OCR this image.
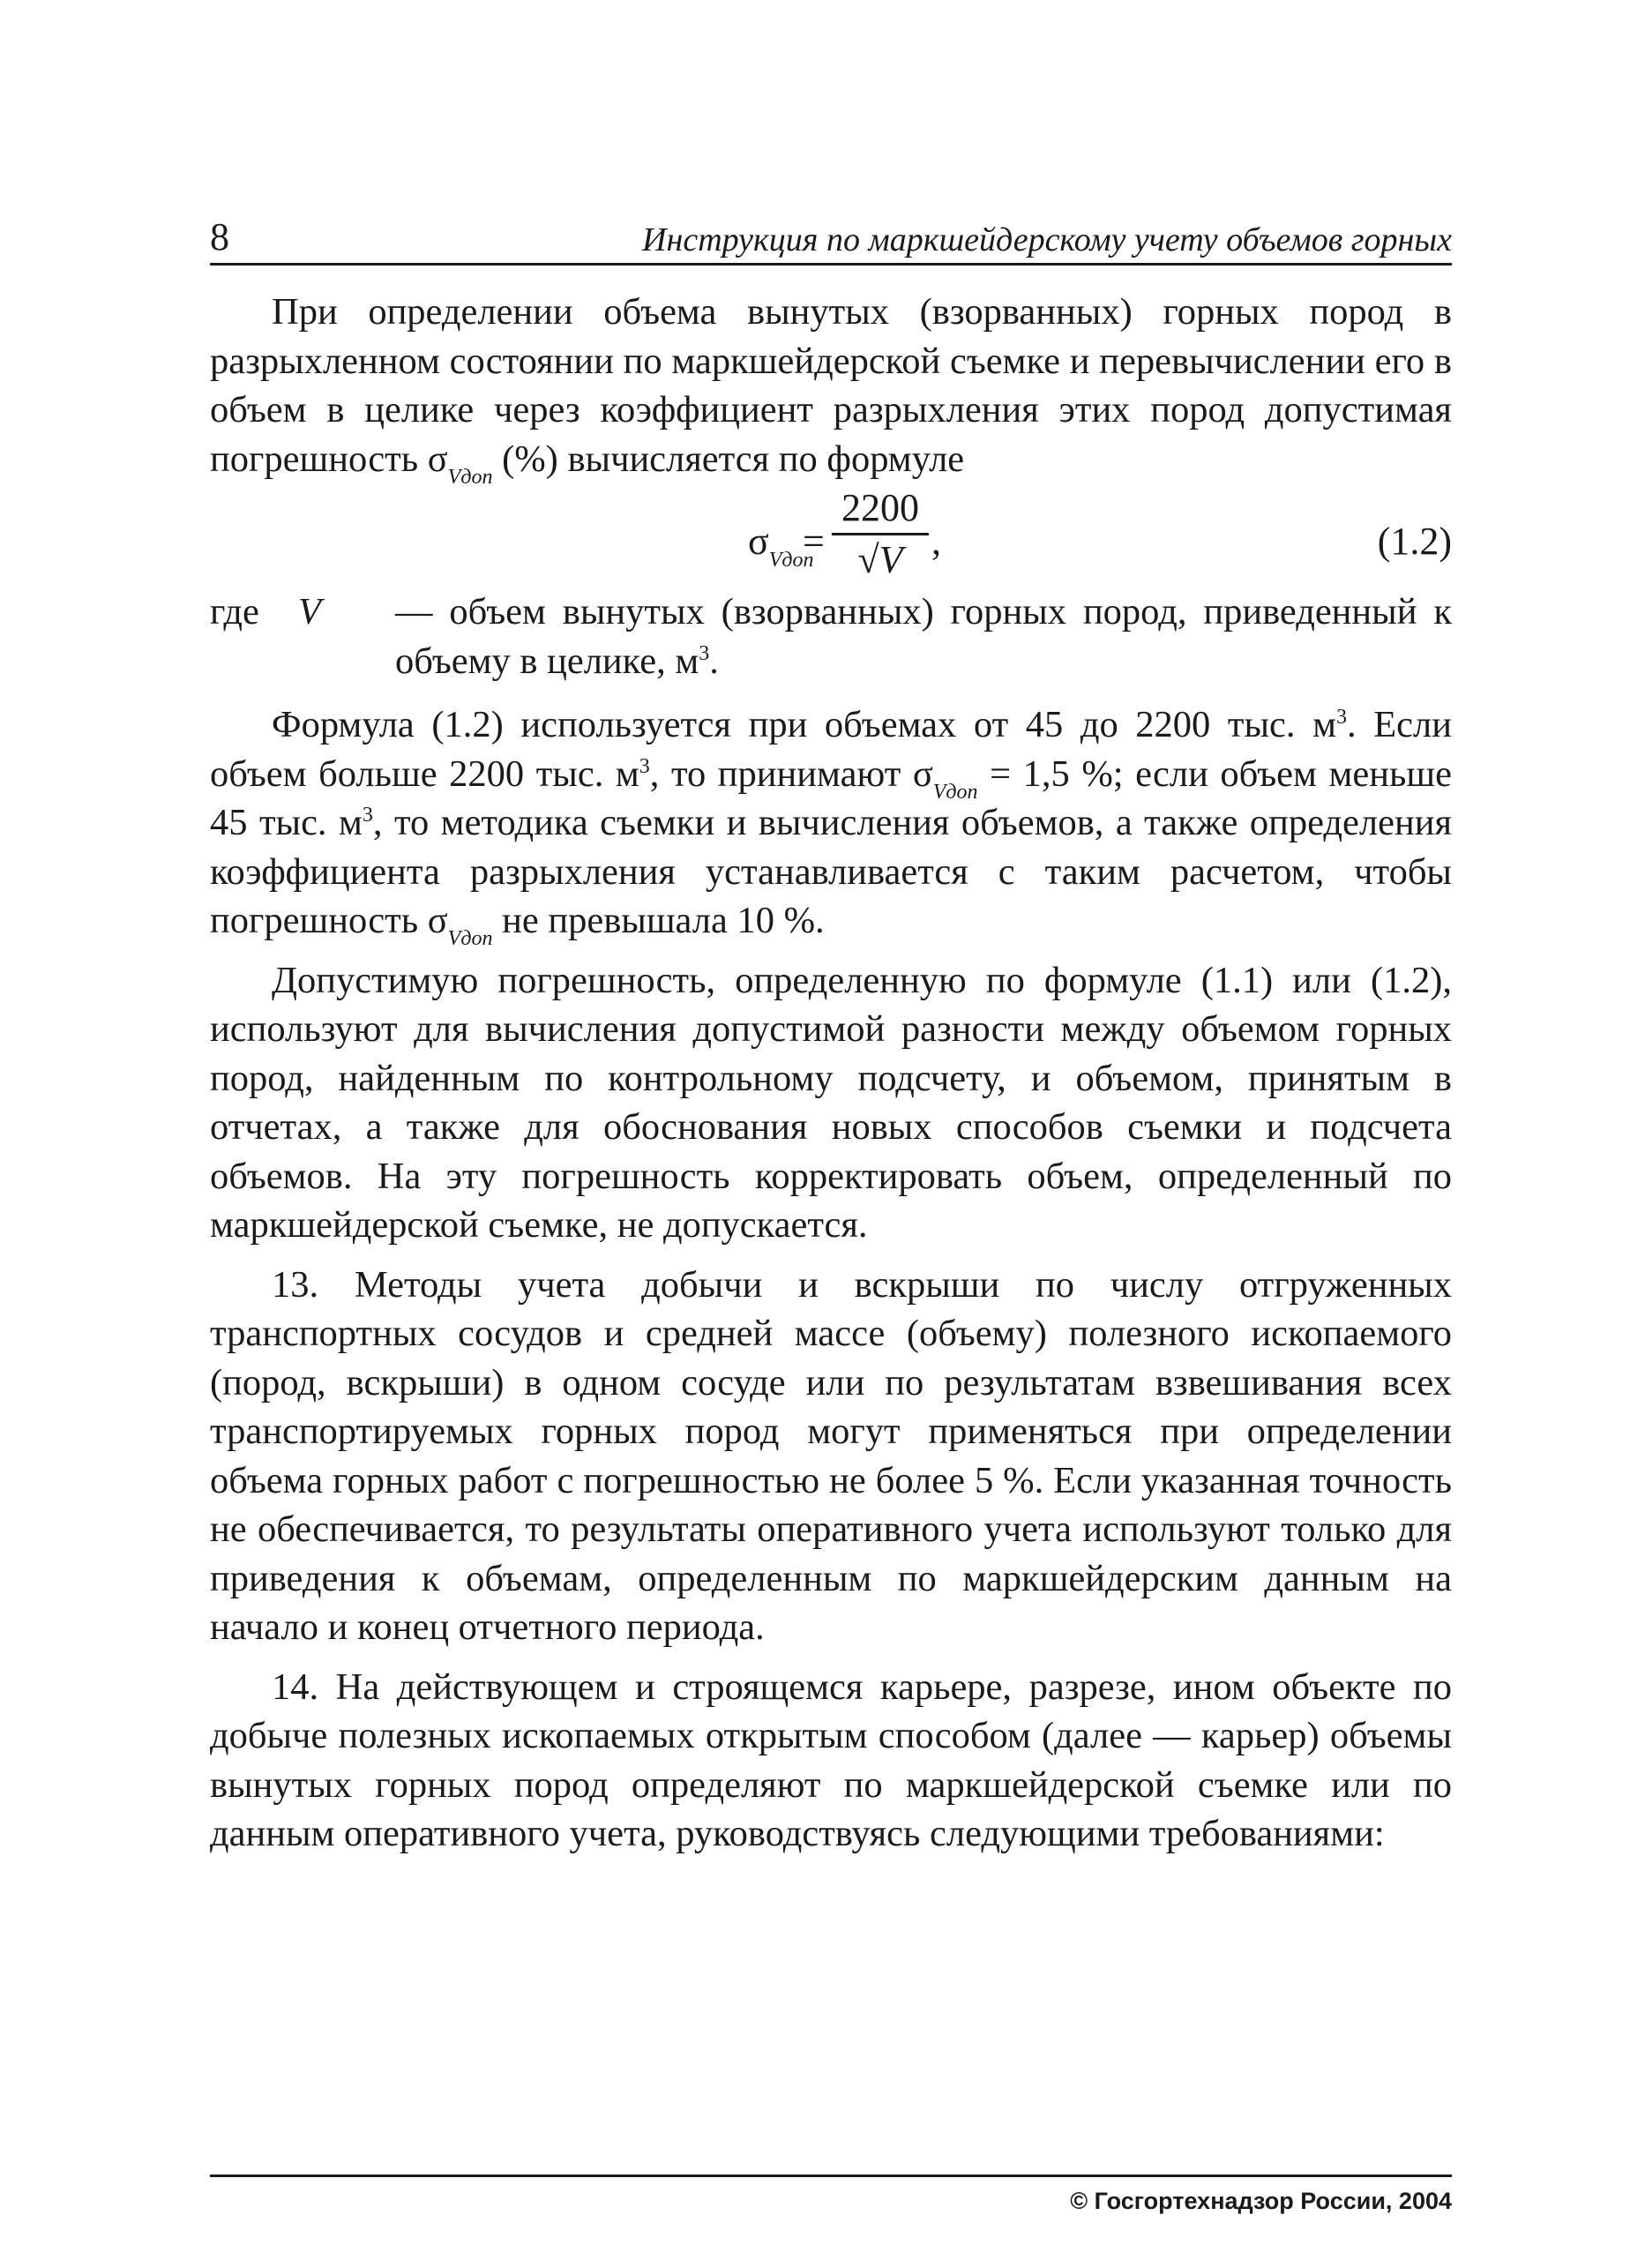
8	Инструкция по маркшейдерскому учету объемов горных

При определении объема вынутых (взорванных) горных пород в разрыхленном состоянии по маркшейдерской съемке и перевычислении его в объем в целике через коэффициент разрыхления этих пород допустимая погрешность $\sigma_{Vдоп}$ (%) вычисляется по формуле

$\sigma_{Vдоп}$
= $\frac{2200}{√V}$ ,	(1.2)
где V — объем вынутых (взорванных) горных пород, приведенный к объему в целике, $м^3$.

Формула (1.2) используется при объемах от 45 до 2200 тыс. $м^3$. Если объем больше 2200 тыс. $м^3$, то принимают $\sigma_{Vдоп} = 1,5$ %; если объем меньше 45 тыс. $м^3$, то методика съемки и вычисления объемов, а также определения коэффициента разрыхления устанавливается с таким расчетом, чтобы погрешность $\sigma_{Vдоп}$ не превышала 10 %.

Допустимую погрешность, определенную по формуле (1.1) или (1.2), используют для вычисления допустимой разности между объемом горных пород, найденным по контрольному подсчету, и объемом, принятым в отчетах, а также для обоснования новых способов съемки и подсчета объемов. На эту погрешность корректировать объем, определенный по маркшейдерской съемке, не допускается.

13. Методы учета добычи и вскрыши по числу отгруженных транспортных сосудов и средней массе (объему) полезного ископаемого (пород, вскрыши) в одном сосуде или по результатам взвешивания всех транспортируемых горных пород могут применяться при определении объема горных работ с погрешностью не более 5 %. Если указанная точность не обеспечивается, то результаты оперативного учета используют только для приведения к объемам, определенным по маркшейдерским данным на начало и конец отчетного периода.

14. На действующем и строящемся карьере, разрезе, ином объекте по добыче полезных ископаемых открытым способом (далее — карьер) объемы вынутых горных пород определяют по маркшейдерской съемке или по данным оперативного учета, руководствуясь следующими требованиями:

© Госгортехнадзор России, 2004
